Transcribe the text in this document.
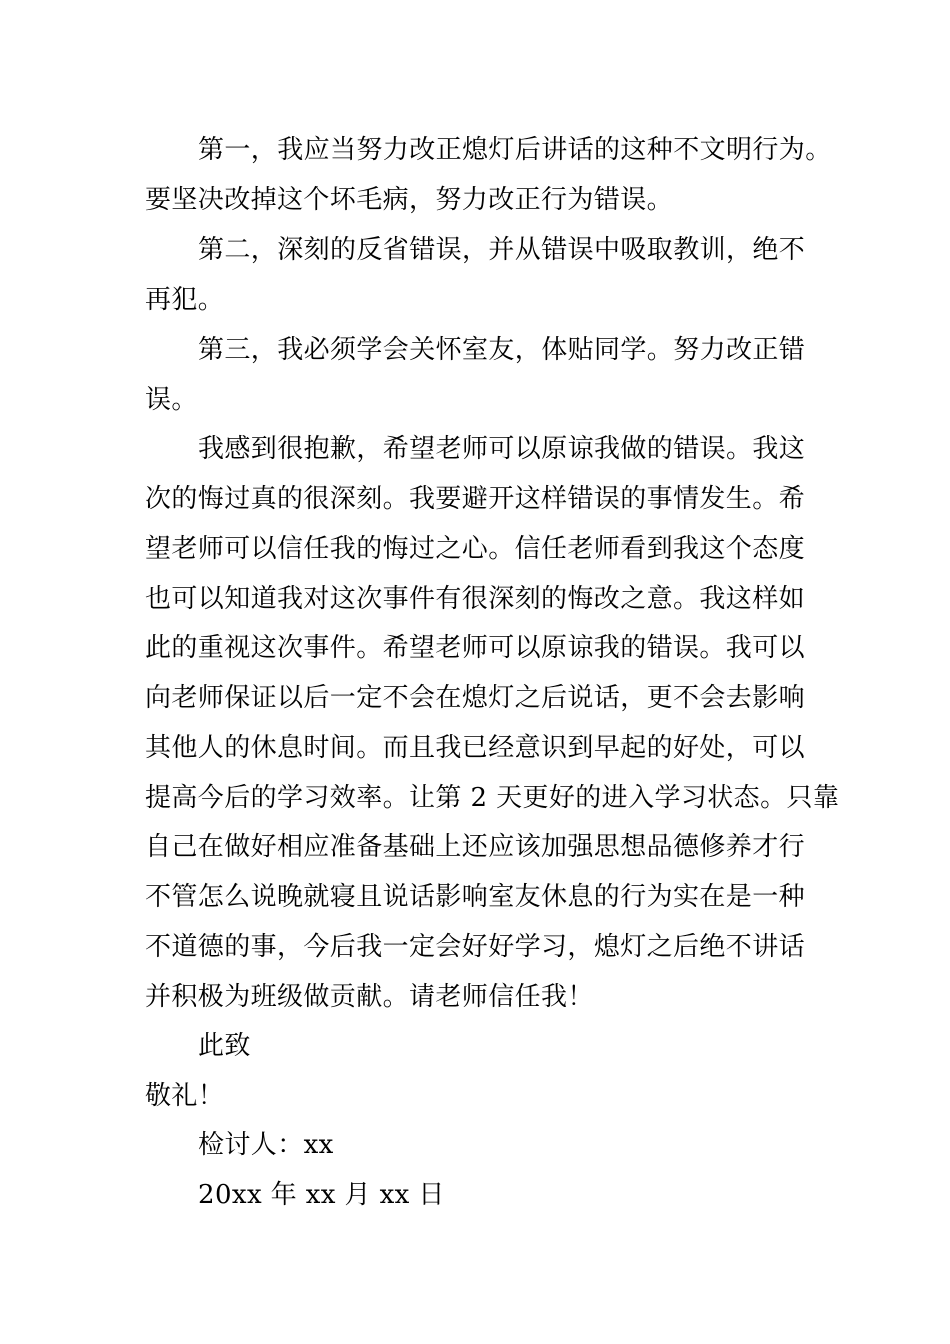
第一，我应当努力改正熄灯后讲话的这种不文明行为。
要坚决改掉这个坏毛病，努力改正行为错误。
第二，深刻的反省错误，并从错误中吸取教训，绝不
再犯。
第三，我必须学会关怀室友，体贴同学。努力改正错
误。
我感到很抱歉，希望老师可以原谅我做的错误。我这
次的悔过真的很深刻。我要避开这样错误的事情发生。希
望老师可以信任我的悔过之心。信任老师看到我这个态度
也可以知道我对这次事件有很深刻的悔改之意。我这样如
此的重视这次事件。希望老师可以原谅我的错误。我可以
向老师保证以后一定不会在熄灯之后说话，更不会去影响
其他人的休息时间。而且我已经意识到早起的好处，可以
提高今后的学习效率。让第 2 天更好的进入学习状态。只靠
自己在做好相应准备基础上还应该加强思想品德修养才行
不管怎么说晚就寝且说话影响室友休息的行为实在是一种
不道德的事，今后我一定会好好学习，熄灯之后绝不讲话
并积极为班级做贡献。请老师信任我！
此致
敬礼！
检讨人：xx
20xx 年 xx 月 xx 日
